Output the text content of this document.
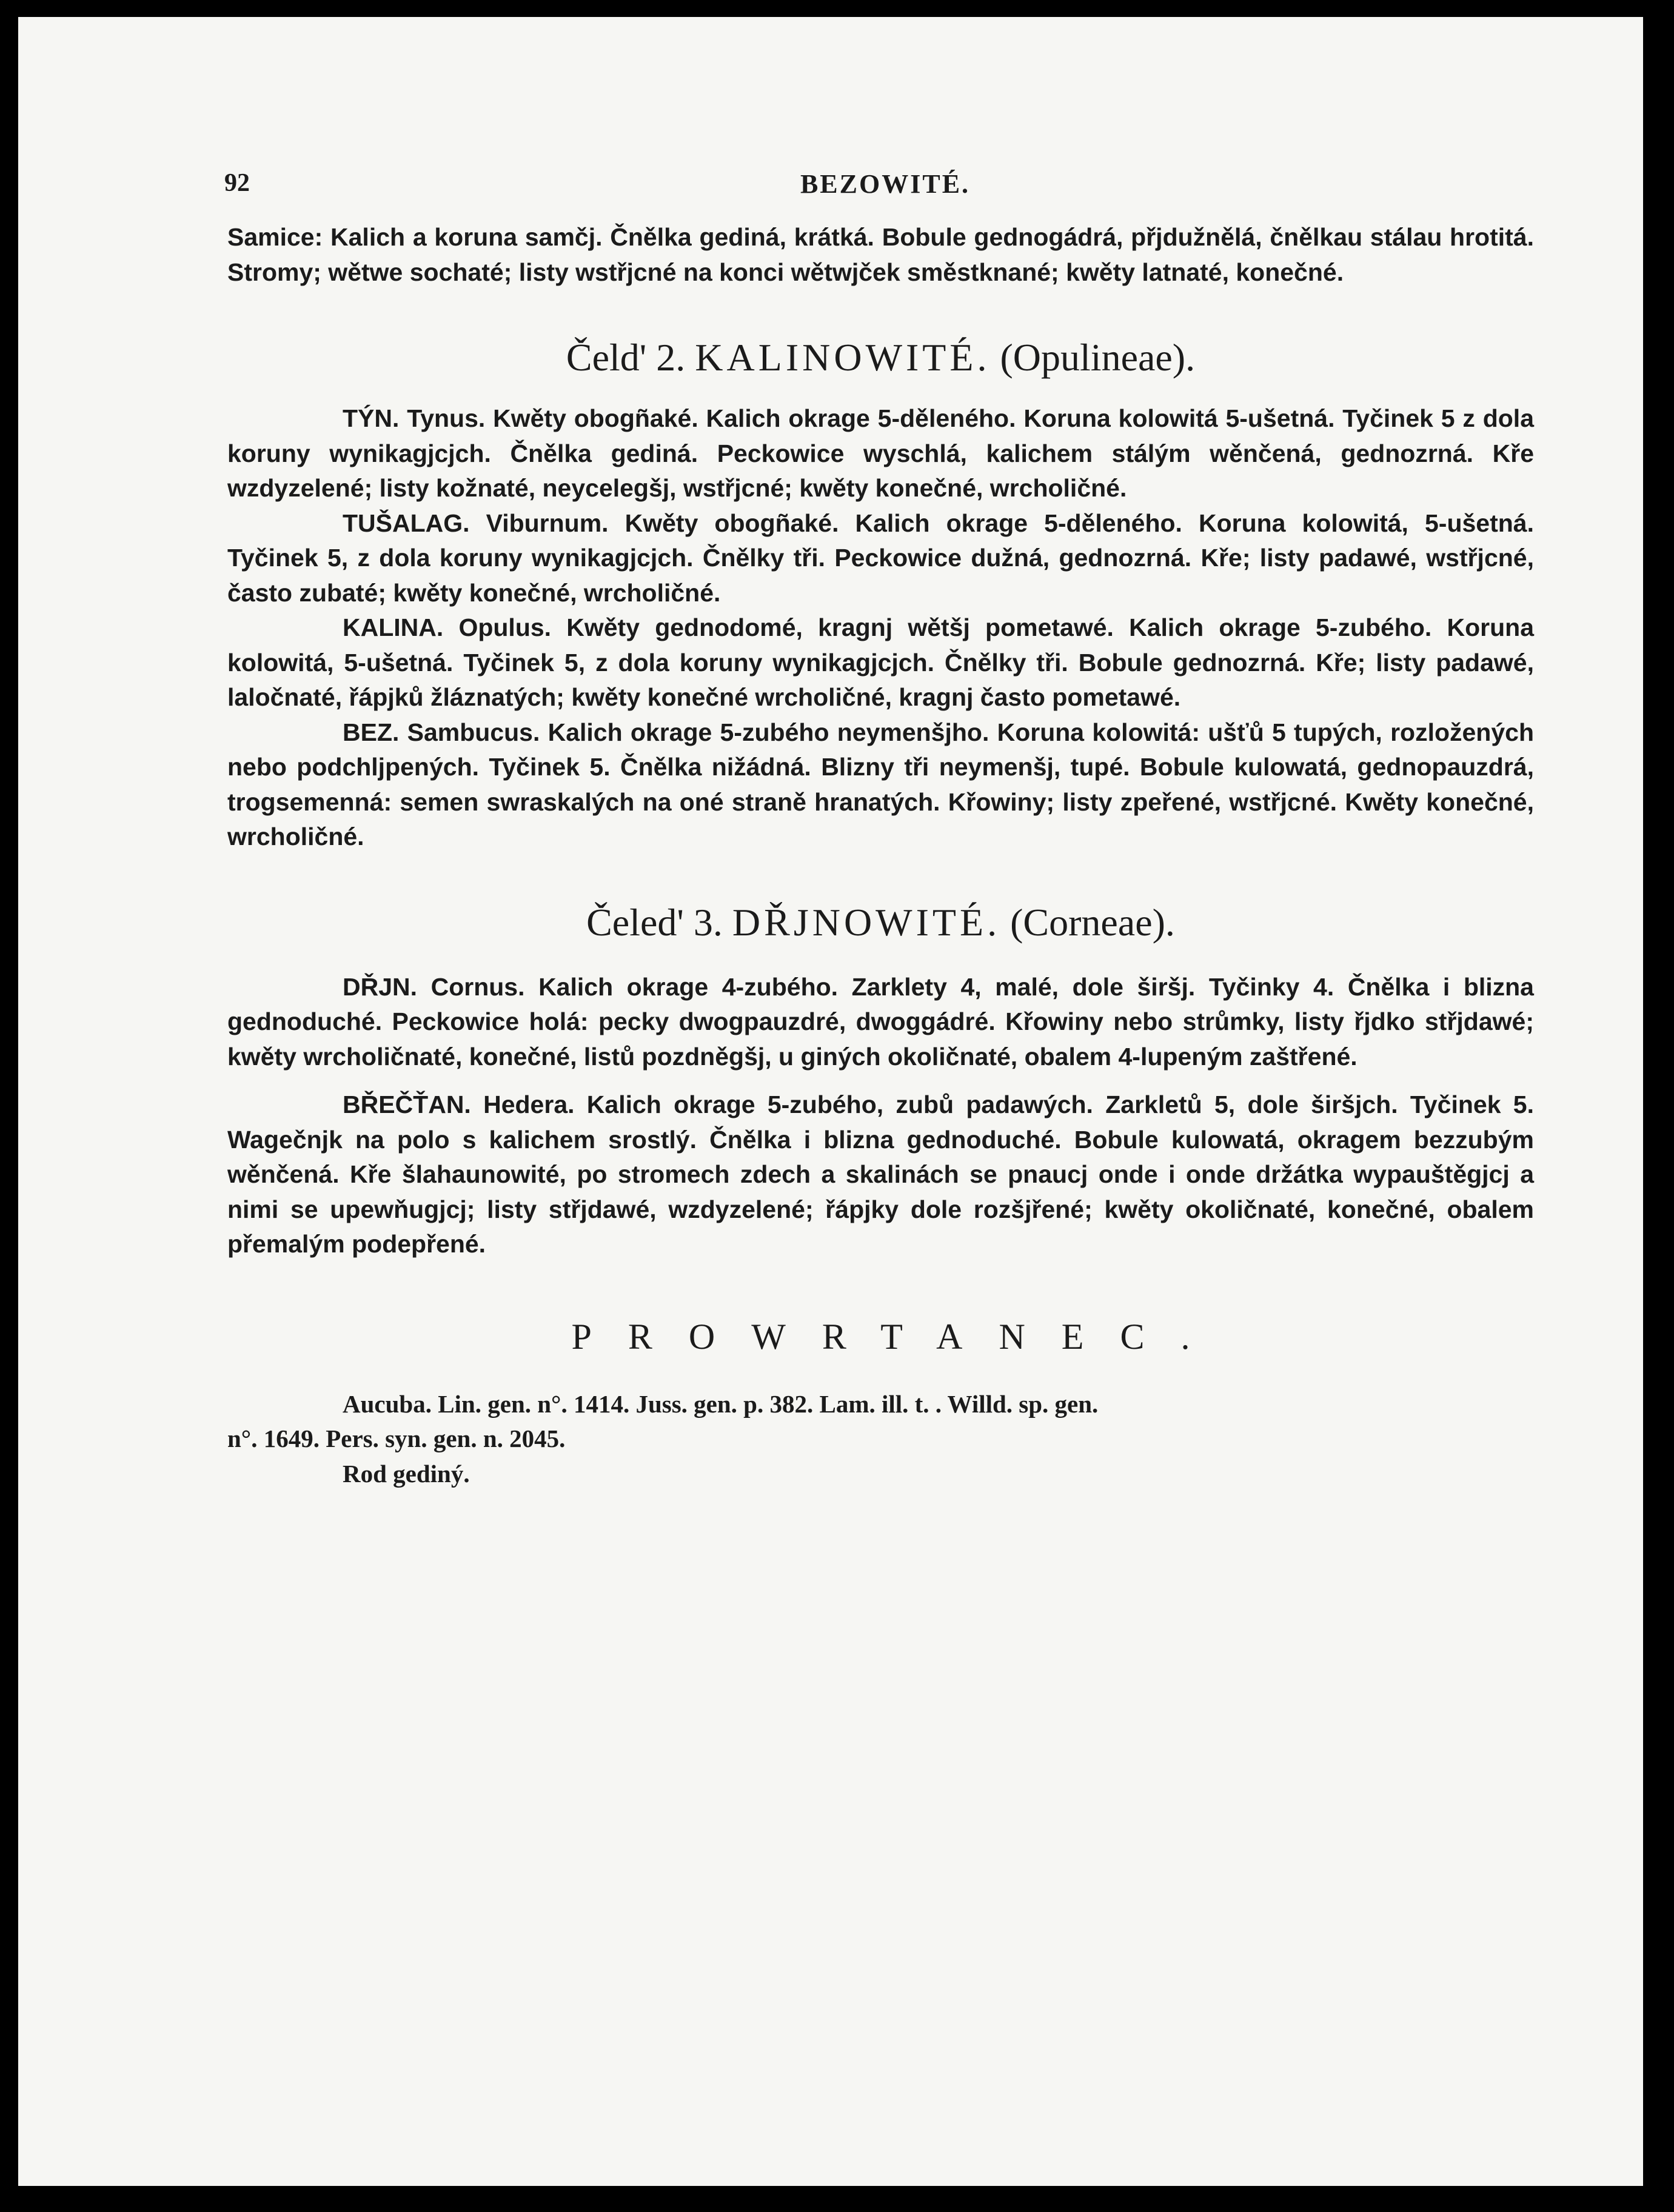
92	BEZOWITÉ.

Samice: Kalich a koruna samčj. Čnělka gediná, krátká. Bobule gednogádrá, přjdužnělá, čnělkau stálau hrotitá. Stromy; wětwe sochaté; listy wstřjcné na konci wětwjček směstknané; kwěty latnaté, konečné.

Čeld' 2. KALINOWITÉ. (Opulineae).

TÝN. Tynus. Kwěty obogñaké. Kalich okrage 5-děleného. Koruna kolowitá 5-ušetná. Tyčinek 5 z dola koruny wynikagjcjch. Čnělka gediná. Peckowice wyschlá, kalichem stálým wěnčená, gednozrná. Kře wzdyzelené; listy kožnaté, neycelegšj, wstřjcné; kwěty konečné, wrcholičné.

TUŠALAG. Viburnum. Kwěty obogñaké. Kalich okrage 5-děleného. Koruna kolowitá, 5-ušetná. Tyčinek 5, z dola koruny wynikagjcjch. Čnělky tři. Peckowice dužná, gednozrná. Kře; listy padawé, wstřjcné, často zubaté; kwěty konečné, wrcholičné.

KALINA. Opulus. Kwěty gednodomé, kragnj wětšj pometawé. Kalich okrage 5-zubého. Koruna kolowitá, 5-ušetná. Tyčinek 5, z dola koruny wynikagjcjch. Čnělky tři. Bobule gednozrná. Kře; listy padawé, laločnaté, řápjků žláznatých; kwěty konečné wrcholičné, kragnj často pometawé.

BEZ. Sambucus. Kalich okrage 5-zubého neymenšjho. Koruna kolowitá: ušťů 5 tupých, rozložených nebo podchljpených. Tyčinek 5. Čnělka nižádná. Blizny tři neymenšj, tupé. Bobule kulowatá, gednopauzdrá, trogsemenná: semen swraskalých na oné straně hranatých. Křowiny; listy zpeřené, wstřjcné. Kwěty konečné, wrcholičné.

Čeled' 3. DŘJNOWITÉ. (Corneae).

DŘJN. Cornus. Kalich okrage 4-zubého. Zarklety 4, malé, dole širšj. Tyčinky 4. Čnělka i blizna gednoduché. Peckowice holá: pecky dwogpauzdré, dwoggádré. Křowiny nebo strůmky, listy řjdko střjdawé; kwěty wrcholičnaté, konečné, listů pozdněgšj, u giných okoličnaté, obalem 4-lupeným zaštřené.

BŘEČŤAN. Hedera. Kalich okrage 5-zubého, zubů padawých. Zarkletů 5, dole širšjch. Tyčinek 5. Wagečnjk na polo s kalichem srostlý. Čnělka i blizna gednoduché. Bobule kulowatá, okragem bezzubým wěnčená. Kře šlahaunowité, po stromech zdech a skalinách se pnaucj onde i onde držátka wypauštěgjcj a nimi se upewňugjcj; listy střjdawé, wzdyzelené; řápjky dole rozšjřené; kwěty okoličnaté, konečné, obalem přemalým podepřené.

PROWRTANEC.

Aucuba. Lin. gen. n°. 1414. Juss. gen. p. 382. Lam. ill. t. . Willd. sp. gen.

n°. 1649. Pers. syn. gen. n. 2045.

Rod gediný.
